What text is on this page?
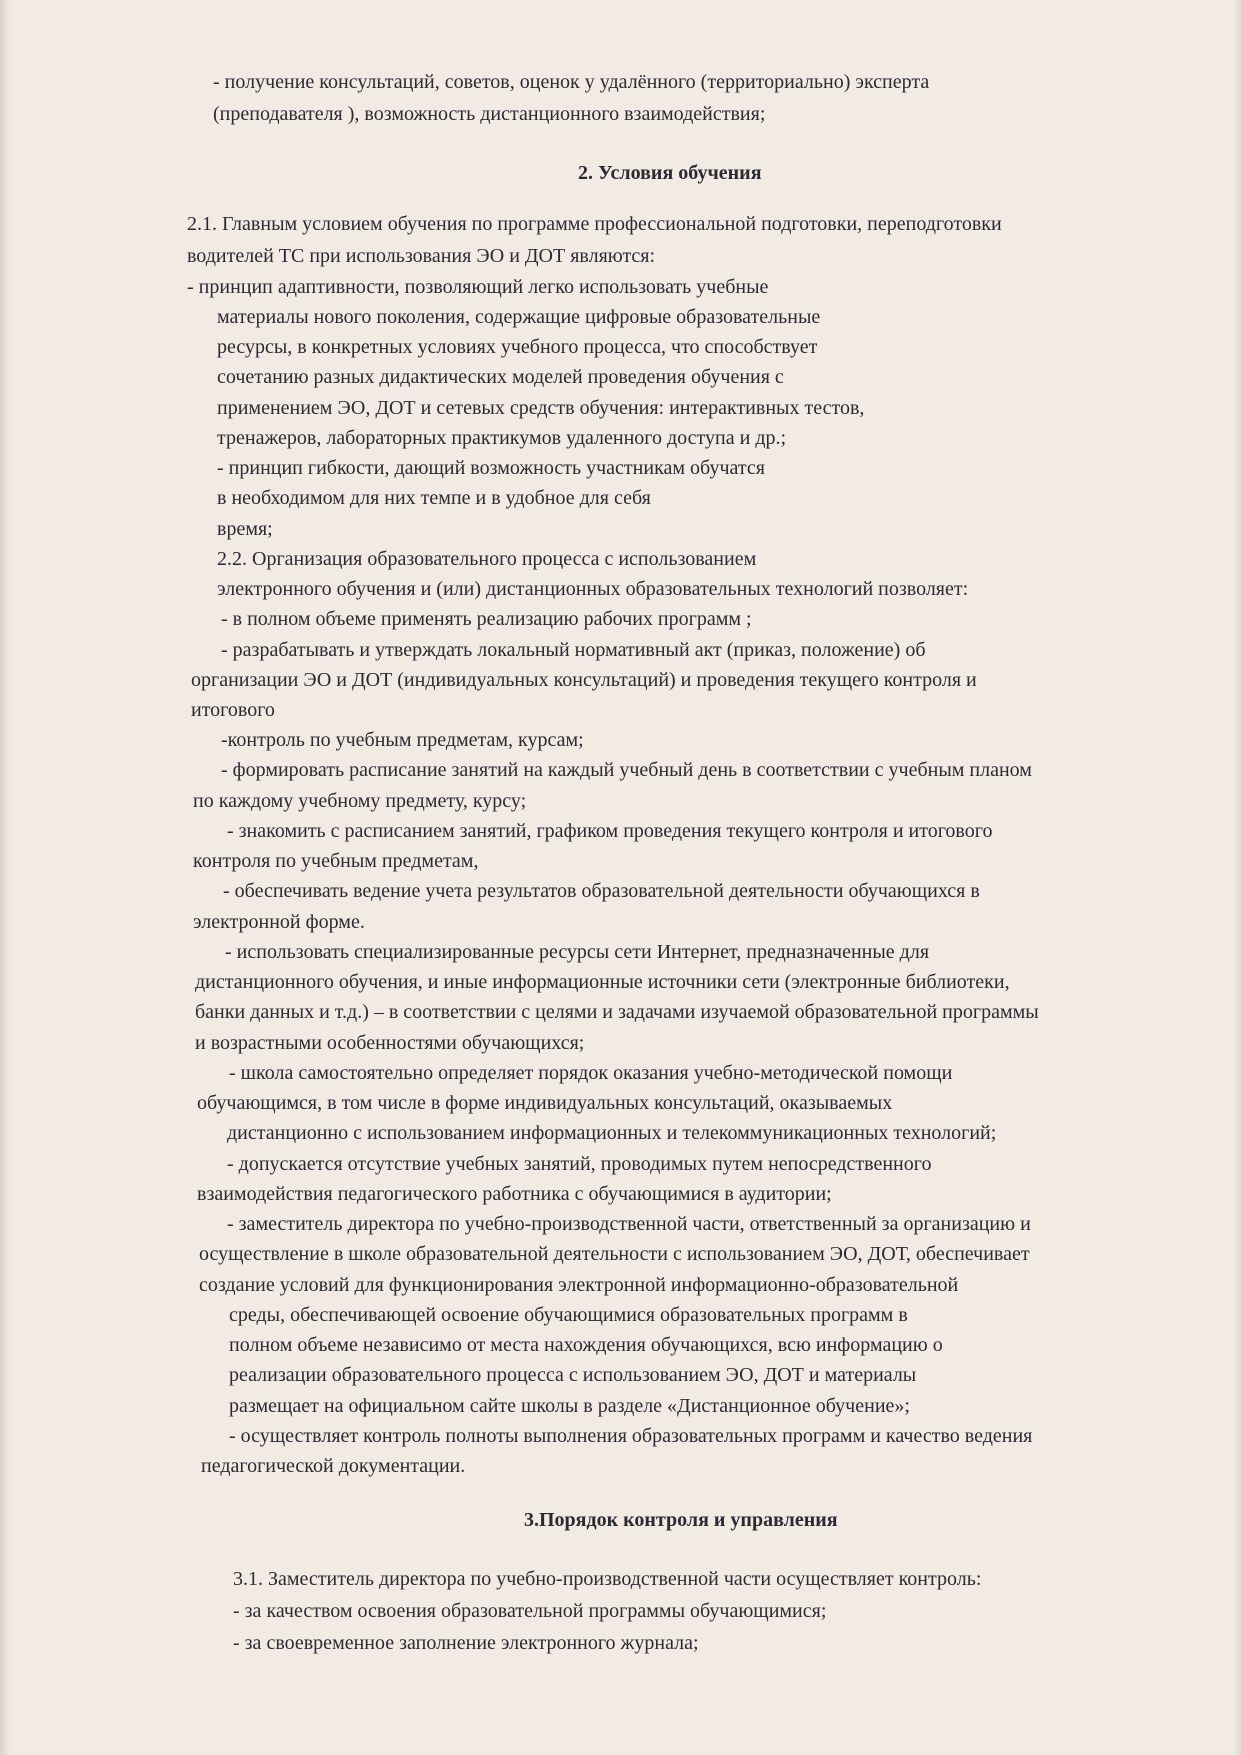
- получение консультаций, советов, оценок у удалённого (территориально) эксперта
(преподавателя ), возможность дистанционного взаимодействия;
2. Условия обучения
2.1. Главным условием обучения по программе профессиональной подготовки, переподготовки
водителей ТС при использования ЭО и ДОТ являются:
- принцип адаптивности, позволяющий легко использовать учебные
материалы нового поколения, содержащие цифровые образовательные
ресурсы, в конкретных условиях учебного процесса, что способствует
сочетанию разных дидактических моделей проведения обучения с
применением ЭО, ДОТ и сетевых средств обучения: интерактивных тестов,
тренажеров, лабораторных практикумов удаленного доступа и др.;
- принцип гибкости, дающий возможность участникам обучатся
в необходимом для них темпе и в удобное для себя
время;
2.2. Организация образовательного процесса с использованием
электронного обучения и (или) дистанционных образовательных технологий позволяет:
- в полном объеме применять реализацию рабочих программ ;
- разрабатывать и утверждать локальный нормативный акт (приказ, положение) об
организации ЭО и ДОТ (индивидуальных консультаций) и проведения текущего контроля и
итогового
-контроль по учебным предметам, курсам;
- формировать расписание занятий на каждый учебный день в соответствии с учебным планом
по каждому учебному предмету, курсу;
- знакомить с расписанием занятий, графиком проведения текущего контроля и итогового
контроля по учебным предметам,
- обеспечивать ведение учета результатов образовательной деятельности обучающихся в
электронной форме.
- использовать специализированные ресурсы сети Интернет, предназначенные для
дистанционного обучения, и иные информационные источники сети (электронные библиотеки,
банки данных и т.д.) – в соответствии с целями и задачами изучаемой образовательной программы
и возрастными особенностями обучающихся;
- школа самостоятельно определяет порядок оказания учебно-методической помощи
обучающимся, в том числе в форме индивидуальных консультаций, оказываемых
дистанционно с использованием информационных и телекоммуникационных технологий;
- допускается отсутствие учебных занятий, проводимых путем непосредственного
взаимодействия педагогического работника с обучающимися в аудитории;
- заместитель директора по учебно-производственной части, ответственный за организацию и
осуществление в школе образовательной деятельности с использованием ЭО, ДОТ, обеспечивает
создание условий для функционирования электронной информационно-образовательной
среды, обеспечивающей освоение обучающимися образовательных программ в
полном объеме независимо от места нахождения обучающихся, всю информацию о
реализации образовательного процесса с использованием ЭО, ДОТ и материалы
размещает на официальном сайте школы в разделе «Дистанционное обучение»;
- осуществляет контроль полноты выполнения образовательных программ и качество ведения
педагогической документации.
3.Порядок контроля и управления
3.1. Заместитель директора по учебно-производственной части осуществляет контроль:
- за качеством освоения образовательной программы обучающимися;
- за своевременное заполнение электронного журнала;
